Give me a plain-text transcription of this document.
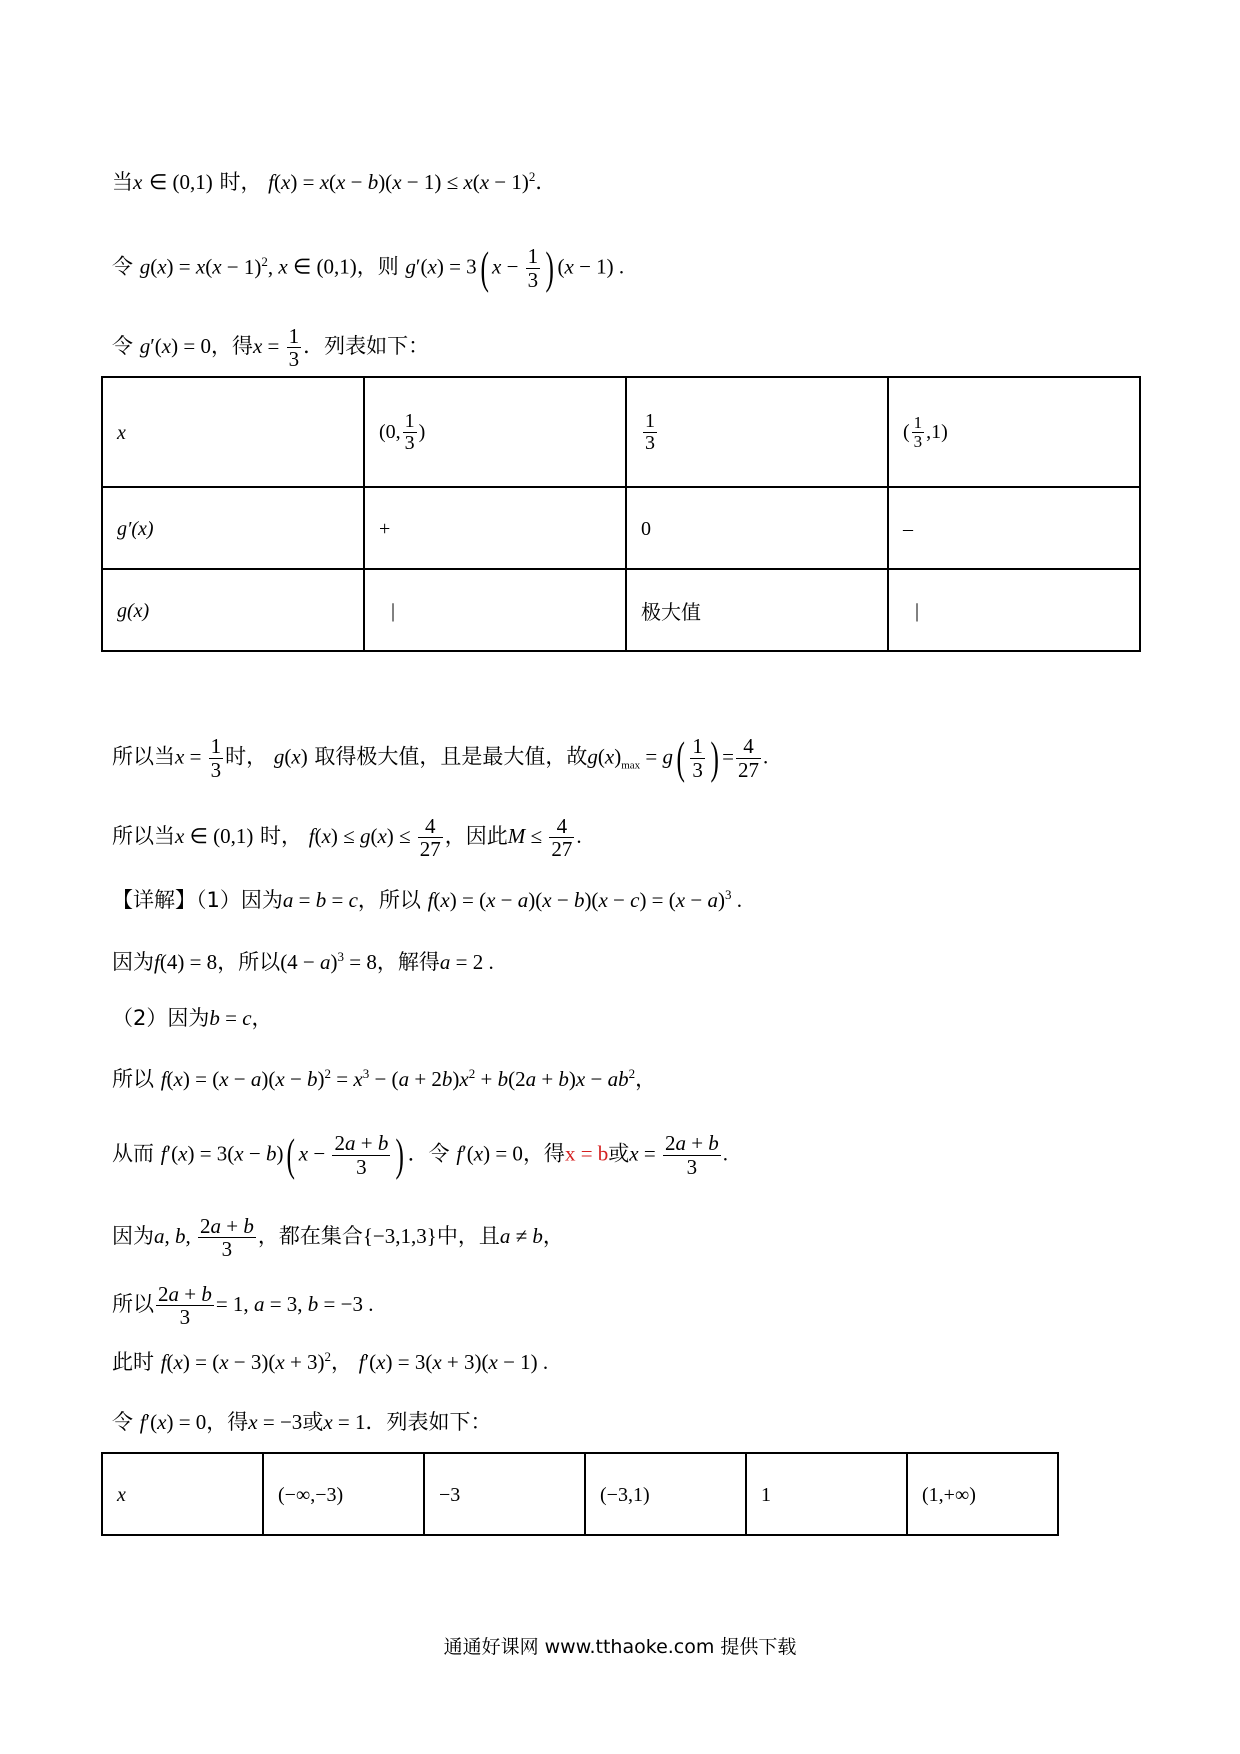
当x ∈ (0,1) 时， $f(x) = x(x - b)(x - 1) \le x(x - 1)^2$．
令 $g(x) = x(x - 1)^2$, x ∈ (0,1)，则 g′(x) = 3( $x - \frac{1}{3}$ ) (x − 1) .
令 g′(x) = 0，得$x = \frac{1}{3}$ ．列表如下：
x	(0, $\frac{1}{3}$ )	$\frac{1}{3}$	( $\frac{1}{3} ,1$)
g′(x)	+	0	–
g(x)	|	极大值	|
所以当$x = \frac{1}{3}$ 时， g(x) 取得极大值，且是最大值，故$g(x)_{max} = g( \frac{1}{3}$ ) = $\frac{4}{27}$ .
所以当x ∈ (0,1) 时， $f(x) \le g(x) \le \frac{4}{27}$ ，因此$M \le \frac{4}{27}$ .
【详解】（1）因为a = b = c，所以 $f(x) = (x - a)(x - b)(x - c) = (x - a)^3$ .
因为f(4) = 8，所以$(4 - a)^3 = 8$，解得a = 2 .
（2）因为b = c，
所以 $f(x) = (x - a)(x - b)^2 = x^3 - (a + 2b)x^2 + b(2a + b)x - ab^2$，
从而 f′(x) = 3(x − b)( $x - \frac{2a + b}{3}$ ) ．令 f′(x) = 0，得x = b或$x = \frac{2a + b}{3}$ .
因为a, b, $\frac{2a + b}{3}$ ，都在集合{−3,1,3}中，且a ≠ b，
所以 $\frac{2a + b}{3} = 1$, a = 3, b = −3 .
此时 $f(x) = (x - 3)(x + 3)^2$， f′(x) = 3(x + 3)(x − 1) .
令 f′(x) = 0，得x = −3或x = 1．列表如下：
x	(−∞,−3)	−3	(−3,1)	1	(1,+∞)
通通好课网 www.tthaoke.com 提供下载
